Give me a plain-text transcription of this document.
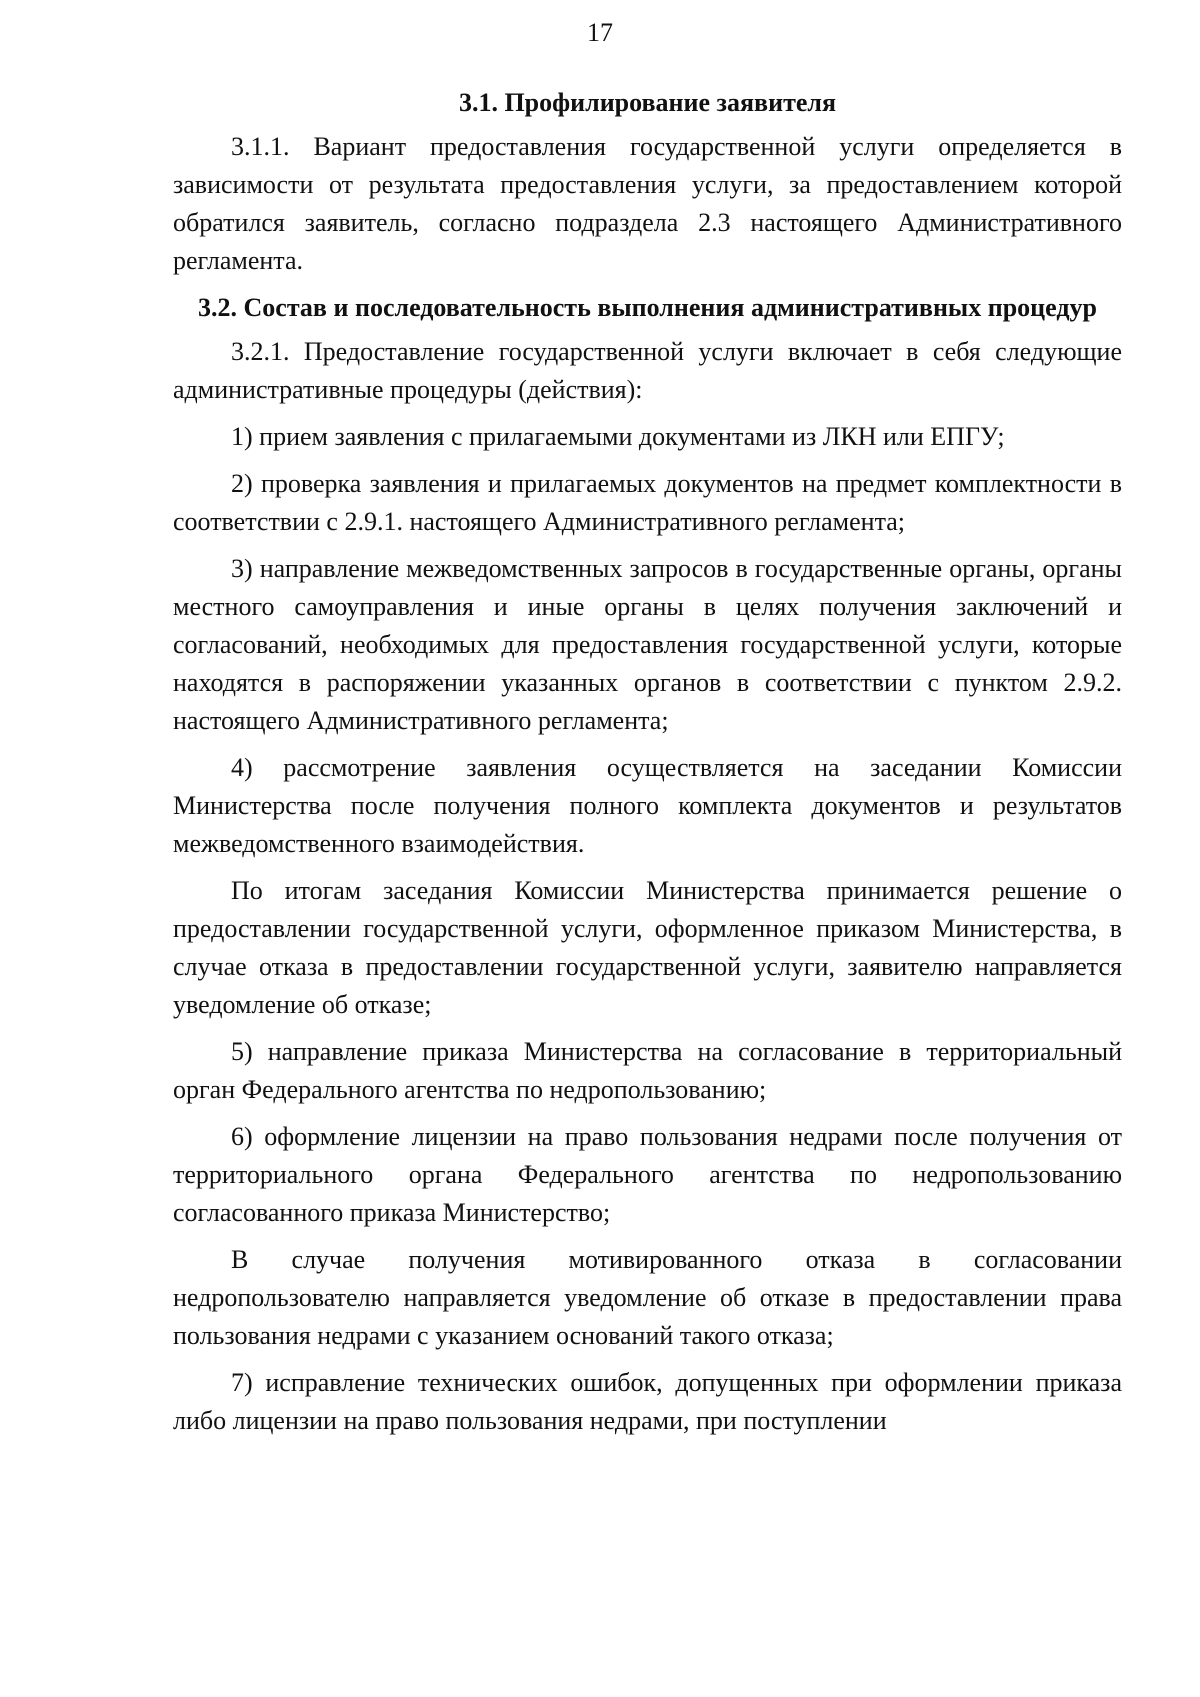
17
3.1. Профилирование заявителя

3.1.1. Вариант предоставления государственной услуги определяется в зависимости от результата предоставления услуги, за предоставлением которой обратился заявитель, согласно подраздела 2.3 настоящего Административного регламента.

3.2. Состав и последовательность выполнения административных процедур

3.2.1. Предоставление государственной услуги включает в себя следующие административные процедуры (действия):

1) прием заявления с прилагаемыми документами из ЛКН или ЕПГУ;

2) проверка заявления и прилагаемых документов на предмет комплектности в соответствии с 2.9.1. настоящего Административного регламента;

3) направление межведомственных запросов в государственные органы, органы местного самоуправления и иные органы в целях получения заключений и согласований, необходимых для предоставления государственной услуги, которые находятся в распоряжении указанных органов в соответствии с пунктом 2.9.2. настоящего Административного регламента;

4) рассмотрение заявления осуществляется на заседании Комиссии Министерства после получения полного комплекта документов и результатов межведомственного взаимодействия.

По итогам заседания Комиссии Министерства принимается решение о предоставлении государственной услуги, оформленное приказом Министерства, в случае отказа в предоставлении государственной услуги, заявителю направляется уведомление об отказе;

5) направление приказа Министерства на согласование в территориальный орган Федерального агентства по недропользованию;

6) оформление лицензии на право пользования недрами после получения от территориального органа Федерального агентства по недропользованию согласованного приказа Министерство;

В случае получения мотивированного отказа в согласовании недропользователю направляется уведомление об отказе в предоставлении права пользования недрами с указанием оснований такого отказа;

7) исправление технических ошибок, допущенных при оформлении приказа либо лицензии на право пользования недрами, при поступлении
